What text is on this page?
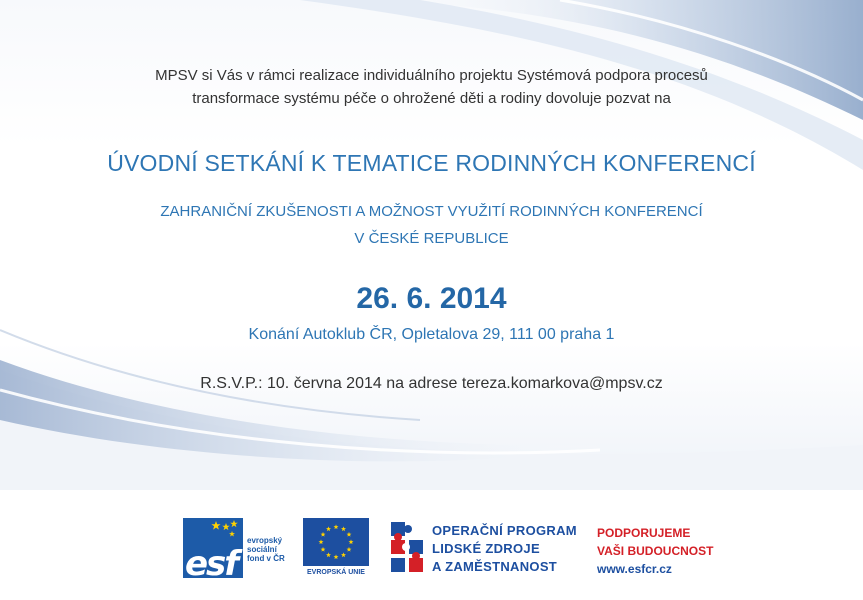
MPSV si Vás v rámci realizace individuálního projektu Systémová podpora procesů
transformace systému péče o ohrožené děti a rodiny dovoluje pozvat na
ÚVODNÍ SETKÁNÍ K TEMATICE RODINNÝCH KONFERENCÍ
ZAHRANIČNÍ ZKUŠENOSTI A MOŽNOST VYUŽITÍ RODINNÝCH KONFERENCÍ
V ČESKÉ REPUBLICE
26. 6. 2014
Konání Autoklub ČR, Opletalova 29, 111 00 praha 1
R.S.V.P.: 10. června 2014 na adrese tereza.komarkova@mpsv.cz
esf
evropský
sociální
fond v ČR
EVROPSKÁ UNIE
OPERAČNÍ PROGRAM
LIDSKÉ ZDROJE
A ZAMĚSTNANOST
PODPORUJEME
VAŠI BUDOUCNOST
www.esfcr.cz
